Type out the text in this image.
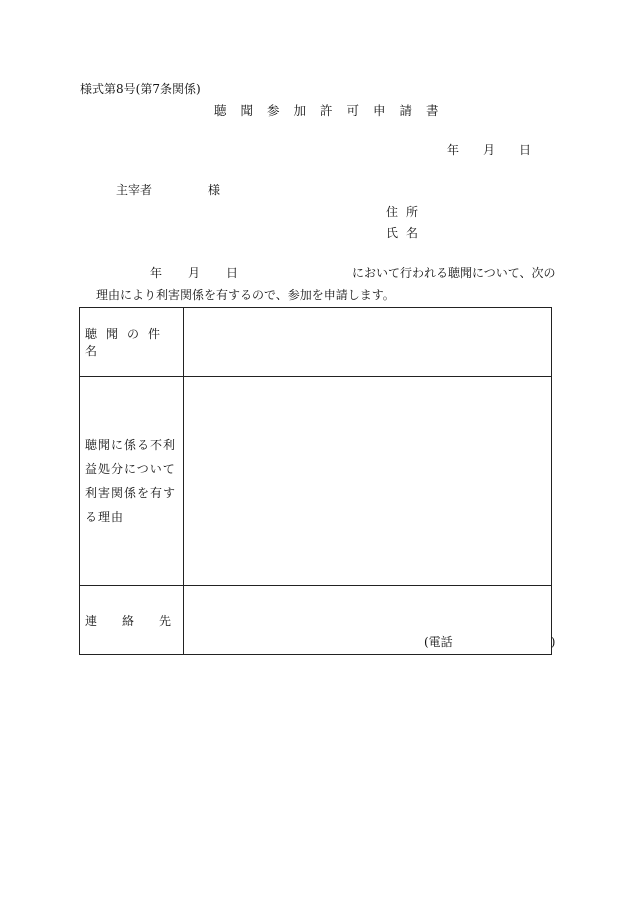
様式第8号(第7条関係)
聴聞参加許可申請書
年 月 日
主宰者	様
住所
氏名
年 月 日	において行われる聴聞について、次の
理由により利害関係を有するので、参加を申請します。
聴聞の件名	

聴聞に係る不利益処分について利害関係を有する理由	

連 絡 先	(電話 )
